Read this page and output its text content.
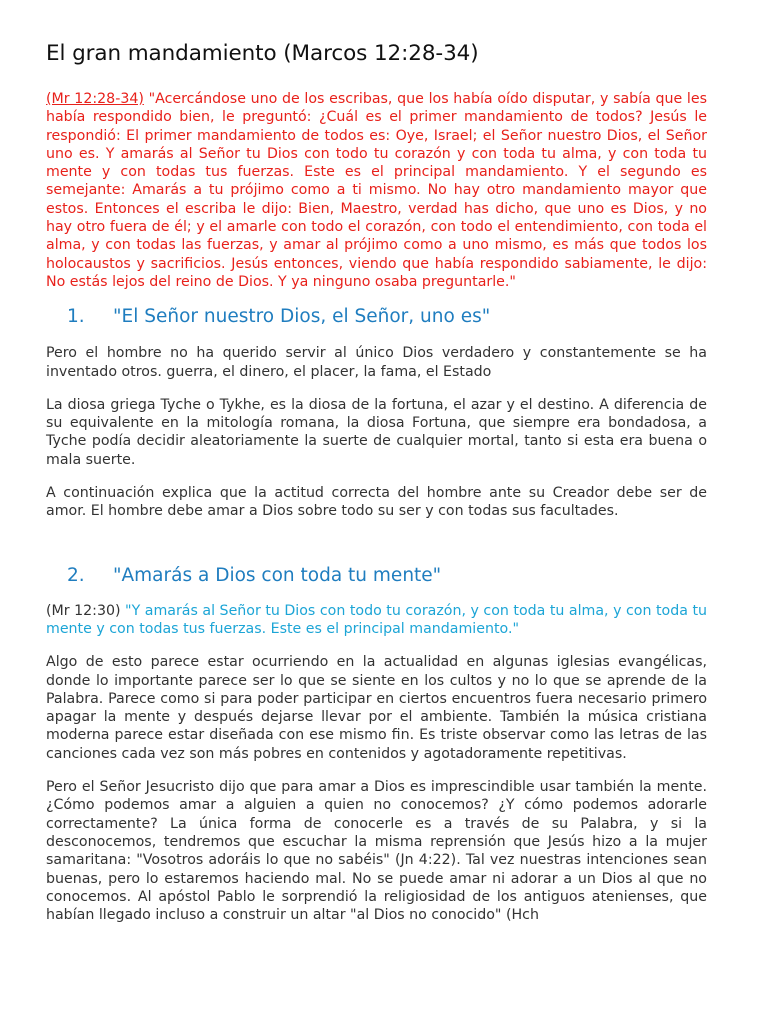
El gran mandamiento (Marcos 12:28-34)

(Mr 12:28-34) "Acercándose uno de los escribas, que los había oído disputar, y sabía que les había respondido bien, le preguntó: ¿Cuál es el primer mandamiento de todos? Jesús le respondió: El primer mandamiento de todos es: Oye, Israel; el Señor nuestro Dios, el Señor uno es. Y amarás al Señor tu Dios con todo tu corazón y con toda tu alma, y con toda tu mente y con todas tus fuerzas. Este es el principal mandamiento. Y el segundo es semejante: Amarás a tu prójimo como a ti mismo. No hay otro mandamiento mayor que estos. Entonces el escriba le dijo: Bien, Maestro, verdad has dicho, que uno es Dios, y no hay otro fuera de él; y el amarle con todo el corazón, con todo el entendimiento, con toda el alma, y con todas las fuerzas, y amar al prójimo como a uno mismo, es más que todos los holocaustos y sacrificios. Jesús entonces, viendo que había respondido sabiamente, le dijo: No estás lejos del reino de Dios. Y ya ninguno osaba preguntarle."

1.	"El Señor nuestro Dios, el Señor, uno es"

Pero el hombre no ha querido servir al único Dios verdadero y constantemente se ha inventado otros. guerra, el dinero, el placer, la fama, el Estado

La diosa griega Tyche o Tykhe, es la diosa de la fortuna, el azar y el destino. A diferencia de su equivalente en la mitología romana, la diosa Fortuna, que siempre era bondadosa, a Tyche podía decidir aleatoriamente la suerte de cualquier mortal, tanto si esta era buena o mala suerte.

A continuación explica que la actitud correcta del hombre ante su Creador debe ser de amor. El hombre debe amar a Dios sobre todo su ser y con todas sus facultades.

2.	"Amarás a Dios con toda tu mente"

(Mr 12:30) "Y amarás al Señor tu Dios con todo tu corazón, y con toda tu alma, y con toda tu mente y con todas tus fuerzas. Este es el principal mandamiento."

Algo de esto parece estar ocurriendo en la actualidad en algunas iglesias evangélicas, donde lo importante parece ser lo que se siente en los cultos y no lo que se aprende de la Palabra. Parece como si para poder participar en ciertos encuentros fuera necesario primero apagar la mente y después dejarse llevar por el ambiente. También la música cristiana moderna parece estar diseñada con ese mismo fin. Es triste observar como las letras de las canciones cada vez son más pobres en contenidos y agotadoramente repetitivas.

Pero el Señor Jesucristo dijo que para amar a Dios es imprescindible usar también la mente. ¿Cómo podemos amar a alguien a quien no conocemos? ¿Y cómo podemos adorarle correctamente? La única forma de conocerle es a través de su Palabra, y si la desconocemos, tendremos que escuchar la misma reprensión que Jesús hizo a la mujer samaritana: "Vosotros adoráis lo que no sabéis" (Jn 4:22). Tal vez nuestras intenciones sean buenas, pero lo estaremos haciendo mal. No se puede amar ni adorar a un Dios al que no conocemos. Al apóstol Pablo le sorprendió la religiosidad de los antiguos atenienses, que habían llegado incluso a construir un altar "al Dios no conocido" (Hch
